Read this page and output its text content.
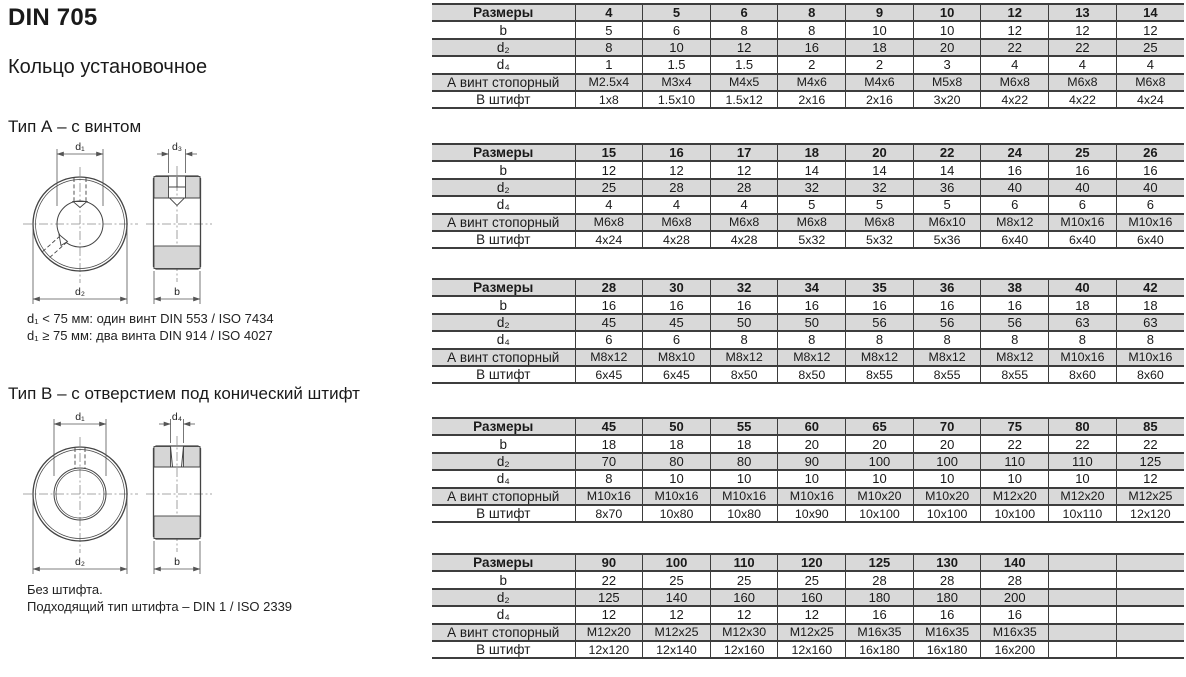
DIN 705
Кольцо установочное
Тип А – с винтом
d₁
d₂
d₃
b
d₁ < 75 мм: один винт DIN 553 / ISO 7434
d₁ ≥ 75 мм: два винта DIN 914 / ISO 4027
Тип В – с отверстием под конический штифт
d₁
d₂
d₄
b
Без штифта.
Подходящий тип штифта – DIN 1 / ISO 2339
Размеры	4	5	6	8	9	10	12	13	14
b	5	6	8	8	10	10	12	12	12
d₂	8	10	12	16	18	20	22	22	25
d₄	1	1.5	1.5	2	2	3	4	4	4
А винт стопорный	M2.5x4	M3x4	M4x5	M4x6	M4x6	M5x8	M6x8	M6x8	M6x8
В штифт	1x8	1.5x10	1.5x12	2x16	2x16	3x20	4x22	4x22	4x24
Размеры	15	16	17	18	20	22	24	25	26
b	12	12	12	14	14	14	16	16	16
d₂	25	28	28	32	32	36	40	40	40
d₄	4	4	4	5	5	5	6	6	6
А винт стопорный	M6x8	M6x8	M6x8	M6x8	M6x8	M6x10	M8x12	M10x16	M10x16
В штифт	4x24	4x28	4x28	5x32	5x32	5x36	6x40	6x40	6x40
Размеры	28	30	32	34	35	36	38	40	42
b	16	16	16	16	16	16	16	18	18
d₂	45	45	50	50	56	56	56	63	63
d₄	6	6	8	8	8	8	8	8	8
А винт стопорный	M8x12	M8x10	M8x12	M8x12	M8x12	M8x12	M8x12	M10x16	M10x16
В штифт	6x45	6x45	8x50	8x50	8x55	8x55	8x55	8x60	8x60
Размеры	45	50	55	60	65	70	75	80	85
b	18	18	18	20	20	20	22	22	22
d₂	70	80	80	90	100	100	110	110	125
d₄	8	10	10	10	10	10	10	10	12
А винт стопорный	M10x16	M10x16	M10x16	M10x16	M10x20	M10x20	M12x20	M12x20	M12x25
В штифт	8x70	10x80	10x80	10x90	10x100	10x100	10x100	10x110	12x120
Размеры	90	100	110	120	125	130	140		
b	22	25	25	25	28	28	28		
d₂	125	140	160	160	180	180	200		
d₄	12	12	12	12	16	16	16		
А винт стопорный	M12x20	M12x25	M12x30	M12x25	M16x35	M16x35	M16x35		
В штифт	12x120	12x140	12x160	12x160	16x180	16x180	16x200		
